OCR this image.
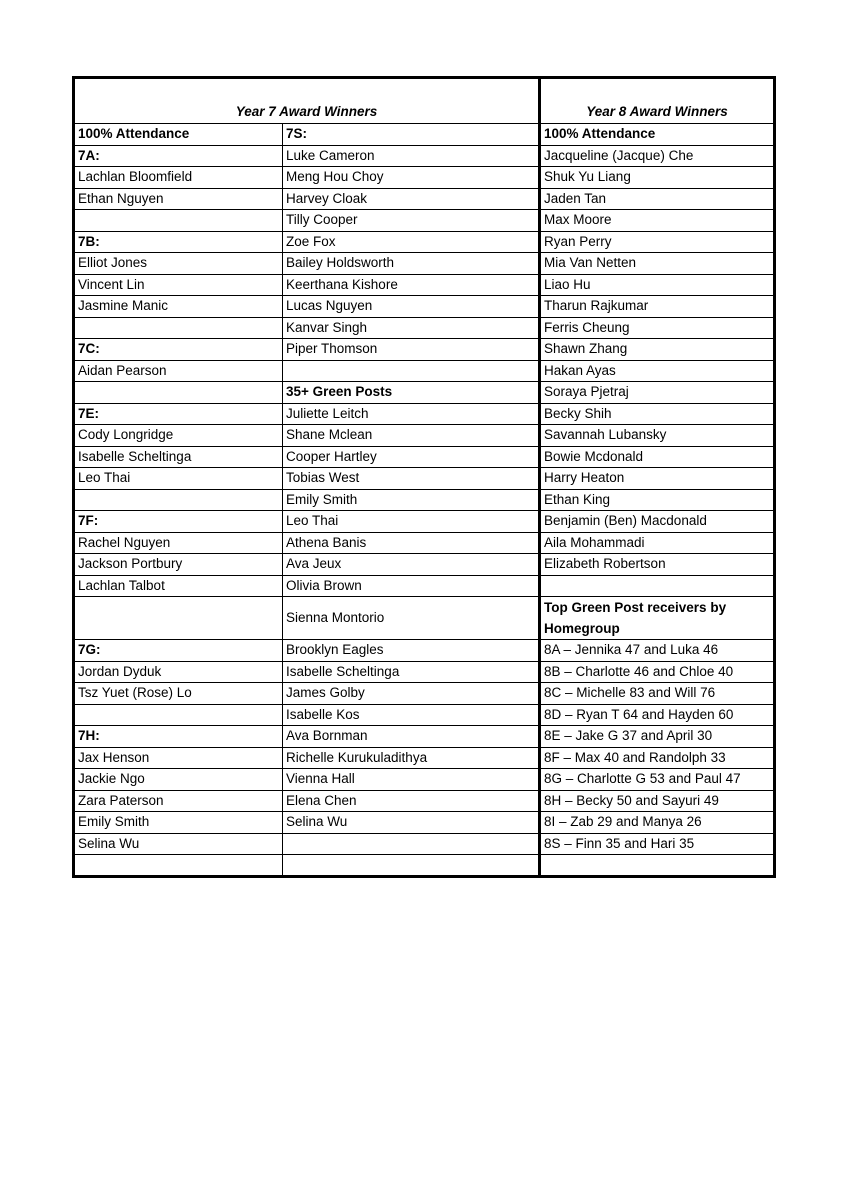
Year 7 Award Winners		Year 8 Award Winners
100% Attendance	7S:	100% Attendance
7A:	Luke Cameron	Jacqueline (Jacque) Che
Lachlan Bloomfield	Meng Hou Choy	Shuk Yu Liang
Ethan Nguyen	Harvey Cloak	Jaden Tan
	Tilly Cooper	Max Moore
7B:	Zoe Fox	Ryan Perry
Elliot Jones	Bailey Holdsworth	Mia Van Netten
Vincent Lin	Keerthana Kishore	Liao Hu
Jasmine Manic	Lucas Nguyen	Tharun Rajkumar
	Kanvar Singh	Ferris Cheung
7C:	Piper Thomson	Shawn Zhang
Aidan Pearson		Hakan Ayas
	35+ Green Posts	Soraya Pjetraj
7E:	Juliette Leitch	Becky Shih
Cody Longridge	Shane Mclean	Savannah Lubansky
Isabelle Scheltinga	Cooper Hartley	Bowie Mcdonald
Leo Thai	Tobias West	Harry Heaton
	Emily Smith	Ethan King
7F:	Leo Thai	Benjamin (Ben) Macdonald
Rachel Nguyen	Athena Banis	Aila Mohammadi
Jackson Portbury	Ava Jeux	Elizabeth Robertson
Lachlan Talbot	Olivia Brown	
	Sienna Montorio	Top Green Post receivers by Homegroup
7G:	Brooklyn Eagles	8A – Jennika 47 and Luka 46
Jordan Dyduk	Isabelle Scheltinga	8B – Charlotte 46 and Chloe 40
Tsz Yuet (Rose) Lo	James Golby	8C – Michelle 83 and Will 76
	Isabelle Kos	8D – Ryan T 64 and Hayden 60
7H:	Ava Bornman	8E – Jake G 37 and April 30
Jax Henson	Richelle Kurukuladithya	8F – Max 40 and Randolph 33
Jackie Ngo	Vienna Hall	8G – Charlotte G 53 and Paul 47
Zara Paterson	Elena Chen	8H – Becky 50 and Sayuri 49
Emily Smith	Selina Wu	8I – Zab 29 and Manya 26
Selina Wu		8S – Finn 35 and Hari 35
